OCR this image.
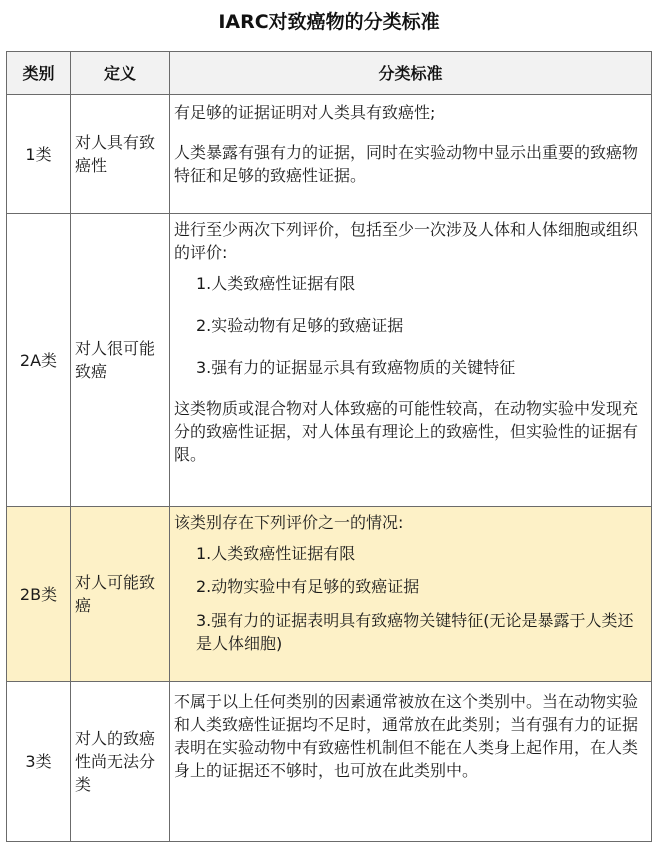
IARC对致癌物的分类标准
类别	定义	分类标准
1类	对人具有致癌性	有足够的证据证明对人类具有致癌性;

人类暴露有强有力的证据，同时在实验动物中显示出重要的致癌物特征和足够的致癌性证据。

2A类	对人很可能致癌	进行至少两次下列评价，包括至少一次涉及人体和人体细胞或组织的评价:

1.人类致癌性证据有限

2.实验动物有足够的致癌证据

3.强有力的证据显示具有致癌物质的关键特征

这类物质或混合物对人体致癌的可能性较高，在动物实验中发现充分的致癌性证据，对人体虽有理论上的致癌性，但实验性的证据有限。

2B类	对人可能致癌	该类别存在下列评价之一的情况:

1.人类致癌性证据有限

2.动物实验中有足够的致癌证据

3.强有力的证据表明具有致癌物关键特征(无论是暴露于人类还是人体细胞)

3类	对人的致癌性尚无法分类	不属于以上任何类别的因素通常被放在这个类别中。当在动物实验和人类致癌性证据均不足时，通常放在此类别；当有强有力的证据表明在实验动物中有致癌性机制但不能在人类身上起作用，在人类身上的证据还不够时，也可放在此类别中。
